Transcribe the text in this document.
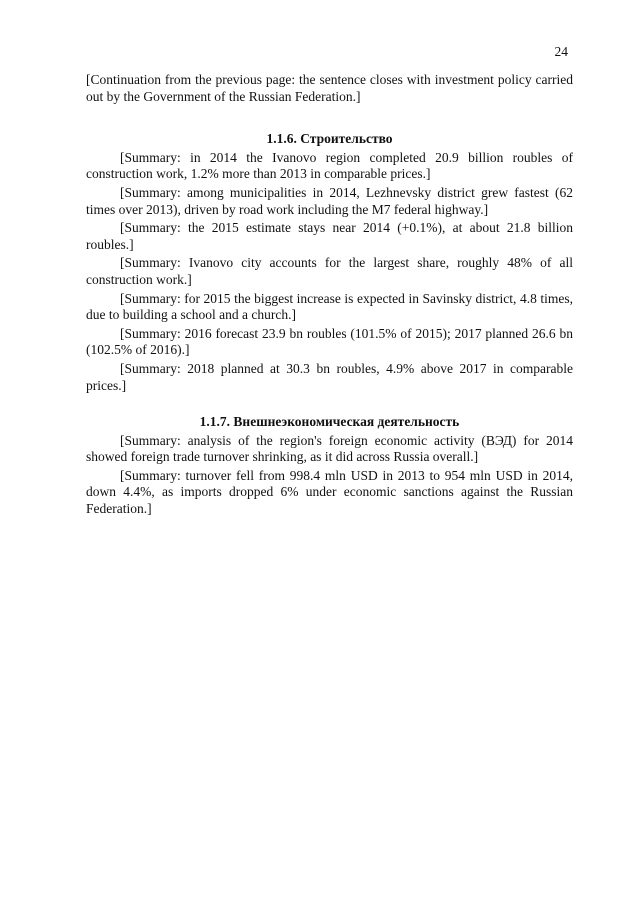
24

[Continuation from the previous page: the sentence closes with investment policy carried out by the Government of the Russian Federation.]

1.1.6. Строительство

[Summary: in 2014 the Ivanovo region completed 20.9 billion roubles of construction work, 1.2% more than 2013 in comparable prices.]

[Summary: among municipalities in 2014, Lezhnevsky district grew fastest (62 times over 2013), driven by road work including the M7 federal highway.]

[Summary: the 2015 estimate stays near 2014 (+0.1%), at about 21.8 billion roubles.]

[Summary: Ivanovo city accounts for the largest share, roughly 48% of all construction work.]

[Summary: for 2015 the biggest increase is expected in Savinsky district, 4.8 times, due to building a school and a church.]

[Summary: 2016 forecast 23.9 bn roubles (101.5% of 2015); 2017 planned 26.6 bn (102.5% of 2016).]

[Summary: 2018 planned at 30.3 bn roubles, 4.9% above 2017 in comparable prices.]

1.1.7. Внешнеэкономическая деятельность

[Summary: analysis of the region's foreign economic activity (ВЭД) for 2014 showed foreign trade turnover shrinking, as it did across Russia overall.]

[Summary: turnover fell from 998.4 mln USD in 2013 to 954 mln USD in 2014, down 4.4%, as imports dropped 6% under economic sanctions against the Russian Federation.]
